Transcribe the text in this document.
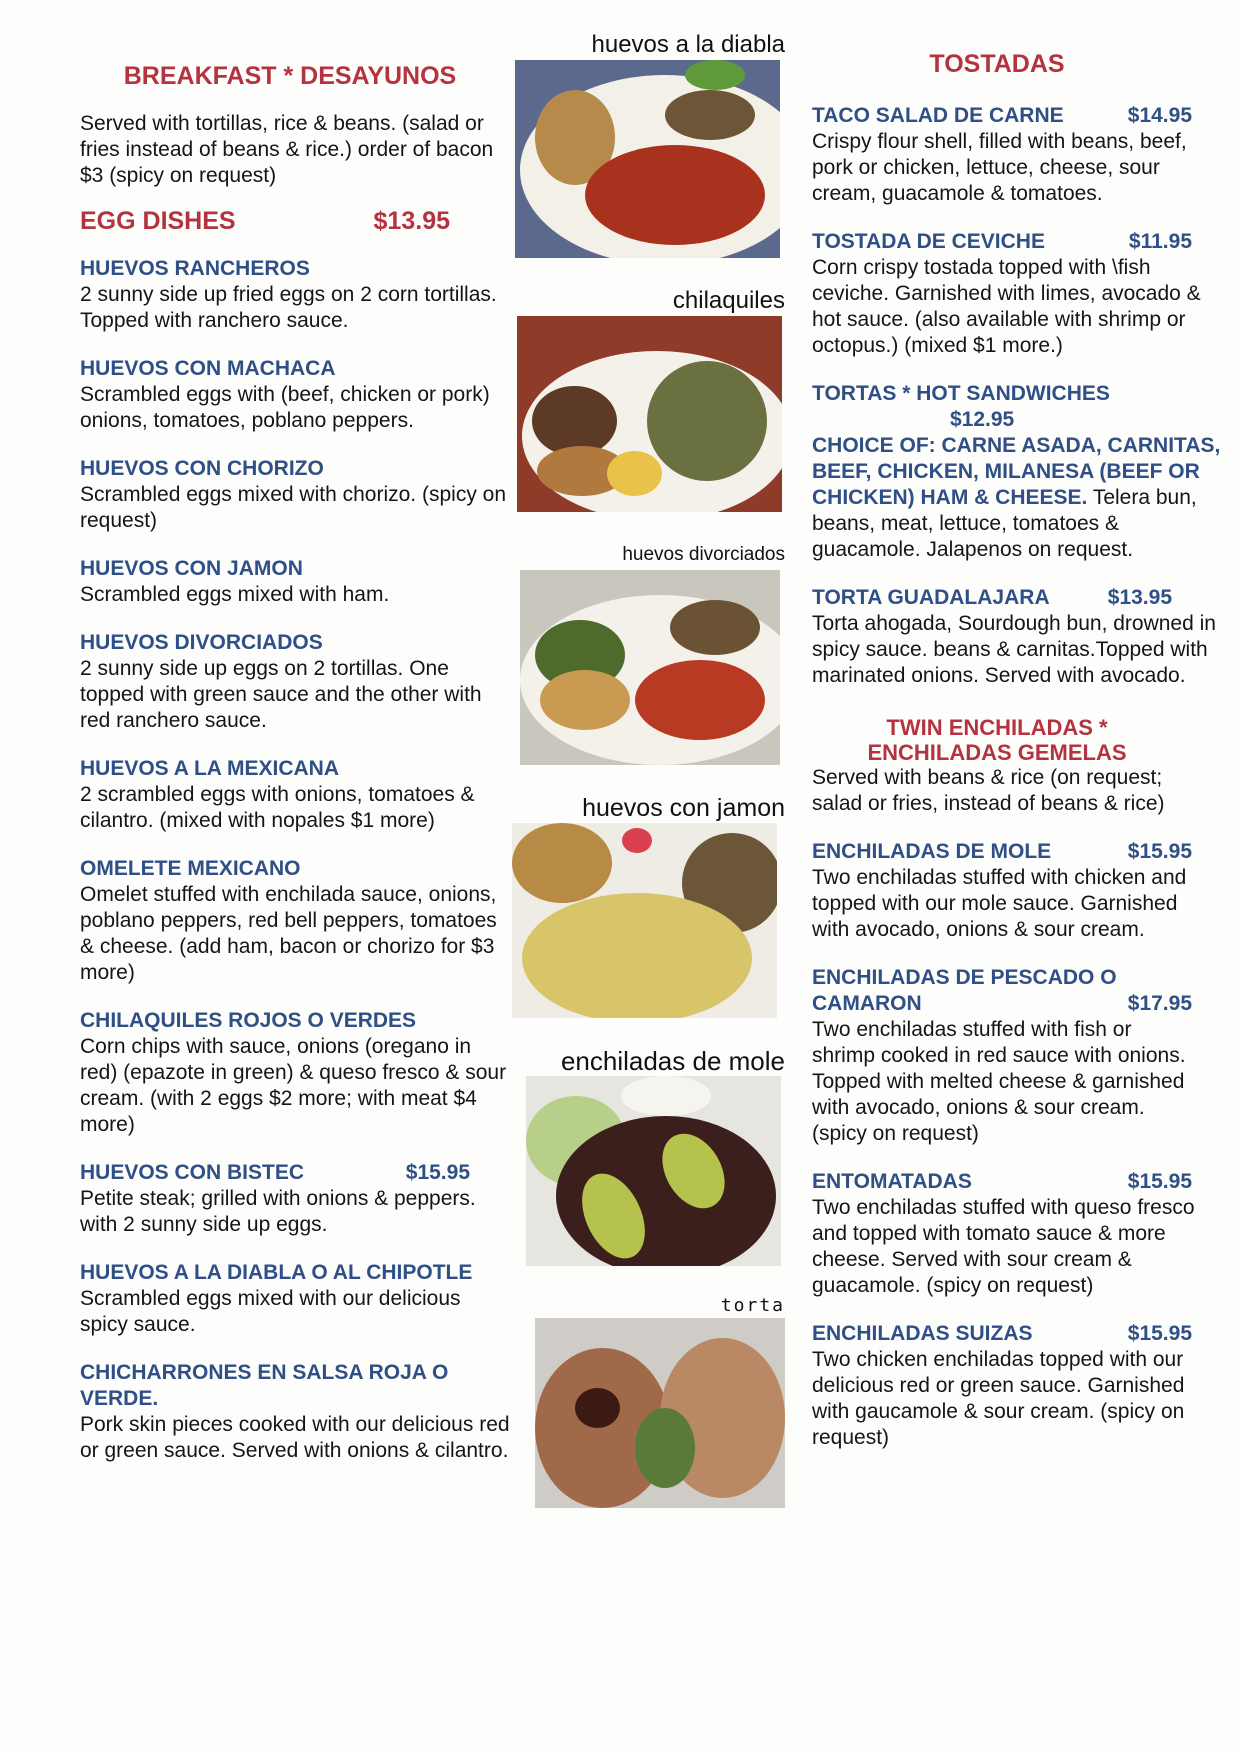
BREAKFAST * DESAYUNOS
Served with tortillas, rice & beans. (salad or fries instead of beans & rice.) order of bacon $3 (spicy on request)
EGG DISHES	$13.95
HUEVOS RANCHEROS
2 sunny side up fried eggs on 2 corn tortillas. Topped with ranchero sauce.
HUEVOS CON MACHACA
Scrambled eggs with (beef, chicken or pork) onions, tomatoes, poblano peppers.
HUEVOS CON CHORIZO
Scrambled eggs mixed with chorizo. (spicy on request)
HUEVOS CON JAMON
Scrambled eggs mixed with ham.
HUEVOS DIVORCIADOS
2 sunny side up eggs on 2 tortillas. One topped with green sauce and the other with red ranchero sauce.
HUEVOS A LA MEXICANA
2 scrambled eggs with onions, tomatoes & cilantro. (mixed with nopales $1 more)
OMELETE MEXICANO
Omelet stuffed with enchilada sauce, onions, poblano peppers, red bell peppers, tomatoes & cheese. (add ham, bacon or chorizo for $3 more)
CHILAQUILES ROJOS O VERDES
Corn chips with sauce, onions (oregano in red) (epazote in green) & queso fresco & sour cream. (with 2 eggs $2 more; with meat $4 more)
HUEVOS CON BISTEC	$15.95
Petite steak; grilled with onions & peppers. with 2 sunny side up eggs.
HUEVOS A LA DIABLA O AL CHIPOTLE
Scrambled eggs mixed with our delicious spicy sauce.
CHICHARRONES EN SALSA ROJA O VERDE.
Pork skin pieces cooked with our delicious red or green sauce. Served with onions & cilantro.
huevos a la diabla
chilaquiles
huevos divorciados
huevos con jamon
enchiladas de mole
torta
TOSTADAS
TACO SALAD DE CARNE	$14.95
Crispy flour shell, filled with beans, beef, pork or chicken, lettuce, cheese, sour cream, guacamole & tomatoes.
TOSTADA DE CEVICHE	$11.95
Corn crispy tostada topped with \fish ceviche. Garnished with limes, avocado & hot sauce. (also available with shrimp or octopus.) (mixed $1 more.)
TORTAS * HOT SANDWICHES
$12.95
CHOICE OF: CARNE ASADA, CARNITAS, BEEF, CHICKEN, MILANESA (BEEF OR CHICKEN) HAM & CHEESE. Telera bun, beans, meat, lettuce, tomatoes & guacamole. Jalapenos on request.
TORTA GUADALAJARA	$13.95
Torta ahogada, Sourdough bun, drowned in spicy sauce. beans & carnitas.Topped with marinated onions. Served with avocado.
TWIN ENCHILADAS *
ENCHILADAS GEMELAS
Served with beans & rice (on request; salad or fries, instead of beans & rice)
ENCHILADAS DE MOLE	$15.95
Two enchiladas stuffed with chicken and topped with our mole sauce. Garnished with avocado, onions & sour cream.
ENCHILADAS DE PESCADO O
CAMARON	$17.95
Two enchiladas stuffed with fish or shrimp cooked in red sauce with onions. Topped with melted cheese & garnished with avocado, onions & sour cream. (spicy on request)
ENTOMATADAS	$15.95
Two enchiladas stuffed with queso fresco and topped with tomato sauce & more cheese. Served with sour cream & guacamole. (spicy on request)
ENCHILADAS SUIZAS	$15.95
Two chicken enchiladas topped with our delicious red or green sauce. Garnished with gaucamole & sour cream. (spicy on request)
